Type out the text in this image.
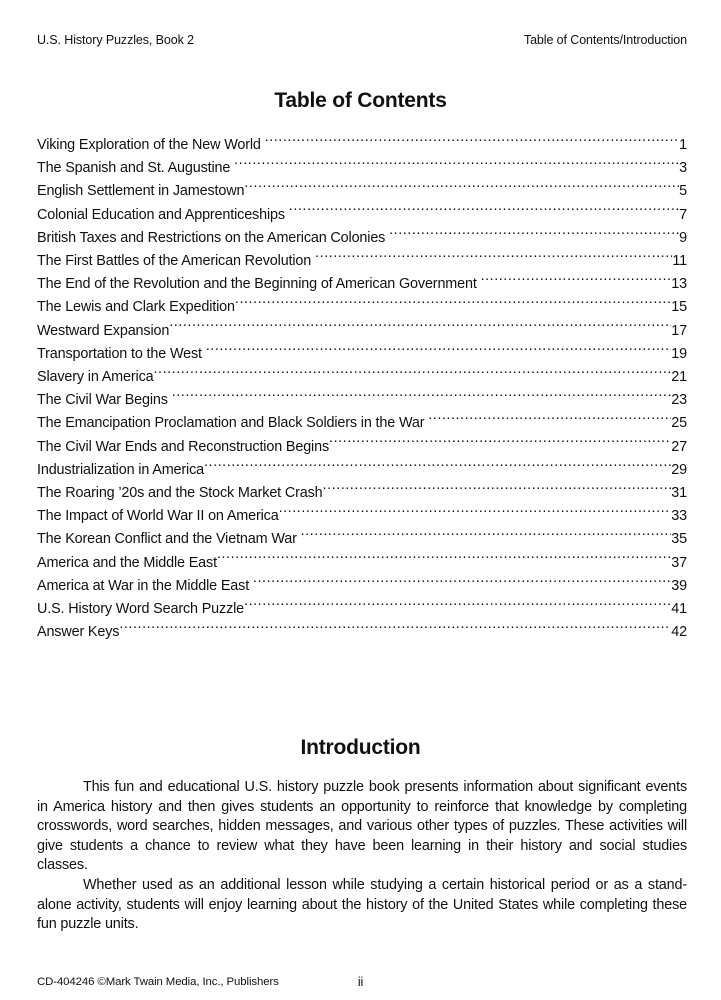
U.S. History Puzzles, Book 2	Table of Contents/Introduction
Table of Contents
Viking Exploration of the New World .....	1
The Spanish and St. Augustine .....	3
English Settlement in Jamestown .....	5
Colonial Education and Apprenticeships .....	7
British Taxes and Restrictions on the American Colonies .....	9
The First Battles of the American Revolution .....	11
The End of the Revolution and the Beginning of American Government .....	13
The Lewis and Clark Expedition .....	15
Westward Expansion .....	17
Transportation to the West .....	19
Slavery in America .....	21
The Civil War Begins .....	23
The Emancipation Proclamation and Black Soldiers in the War .....	25
The Civil War Ends and Reconstruction Begins .....	27
Industrialization in America .....	29
The Roaring ’20s and the Stock Market Crash .....	31
The Impact of World War II on America .....	33
The Korean Conflict and the Vietnam War .....	35
America and the Middle East .....	37
America at War in the Middle East .....	39
U.S. History Word Search Puzzle .....	41
Answer Keys .....	42
Introduction

This fun and educational U.S. history puzzle book presents information about significant events in America history and then gives students an opportunity to reinforce that knowledge by completing crosswords, word searches, hidden messages, and various other types of puzzles. These activities will give students a chance to review what they have been learning in their history and social studies classes.

Whether used as an additional lesson while studying a certain historical period or as a stand-alone activity, students will enjoy learning about the history of the United States while completing these fun puzzle units.

CD-404246 ©Mark Twain Media, Inc., Publishers	ii
